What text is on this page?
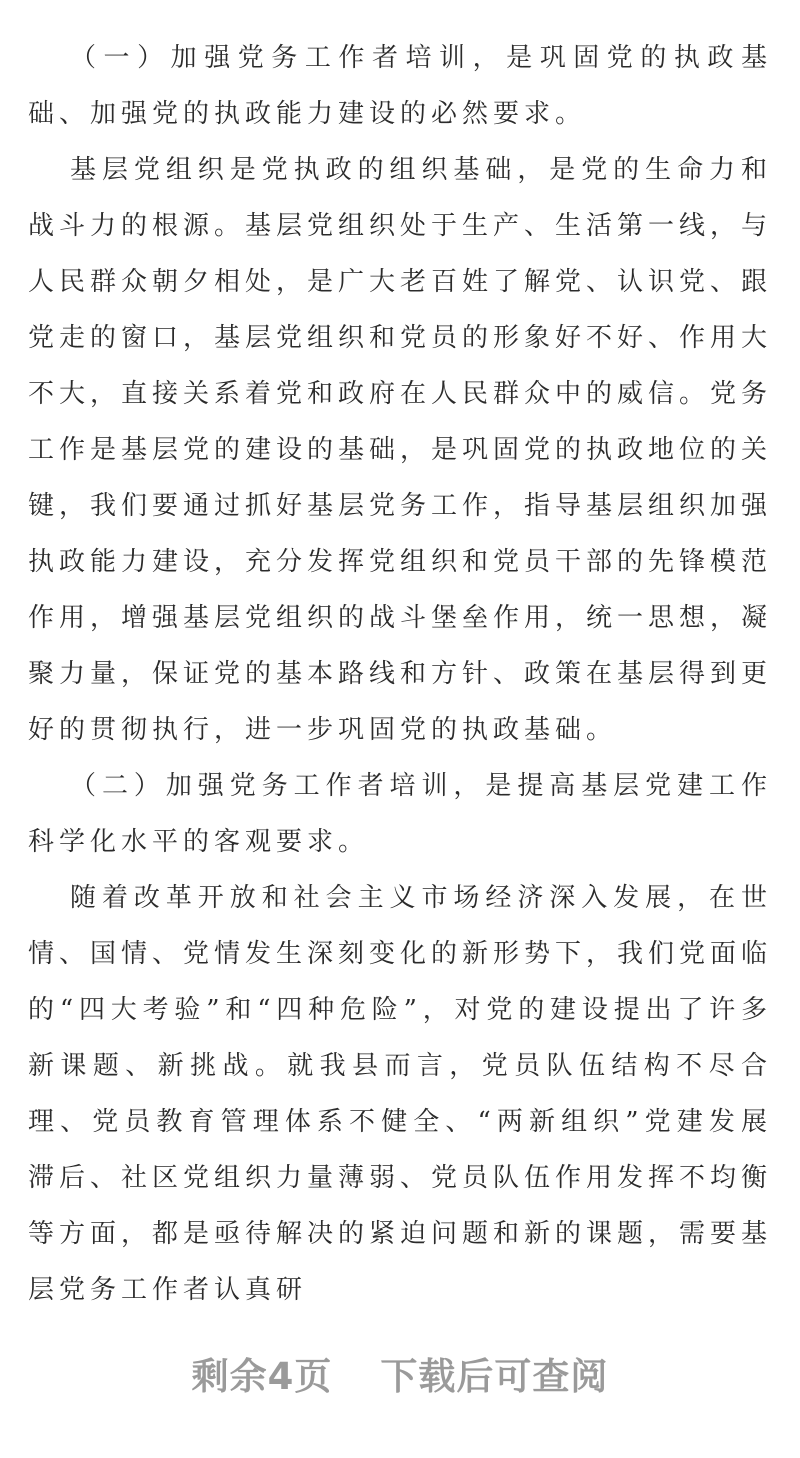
（一）加强党务工作者培训，是巩固党的执政基础、加强党的执政能力建设的必然要求。

基层党组织是党执政的组织基础，是党的生命力和战斗力的根源。基层党组织处于生产、生活第一线，与人民群众朝夕相处，是广大老百姓了解党、认识党、跟党走的窗口，基层党组织和党员的形象好不好、作用大不大，直接关系着党和政府在人民群众中的威信。党务工作是基层党的建设的基础，是巩固党的执政地位的关键，我们要通过抓好基层党务工作，指导基层组织加强执政能力建设，充分发挥党组织和党员干部的先锋模范作用，增强基层党组织的战斗堡垒作用，统一思想，凝聚力量，保证党的基本路线和方针、政策在基层得到更好的贯彻执行，进一步巩固党的执政基础。

（二）加强党务工作者培训，是提高基层党建工作科学化水平的客观要求。

随着改革开放和社会主义市场经济深入发展，在世情、国情、党情发生深刻变化的新形势下，我们党面临的“四大考验”和“四种危险”，对党的建设提出了许多新课题、新挑战。就我县而言，党员队伍结构不尽合理、党员教育管理体系不健全、“两新组织”党建发展滞后、社区党组织力量薄弱、党员队伍作用发挥不均衡等方面，都是亟待解决的紧迫问题和新的课题，需要基层党务工作者认真研

剩余4页 下载后可查阅
